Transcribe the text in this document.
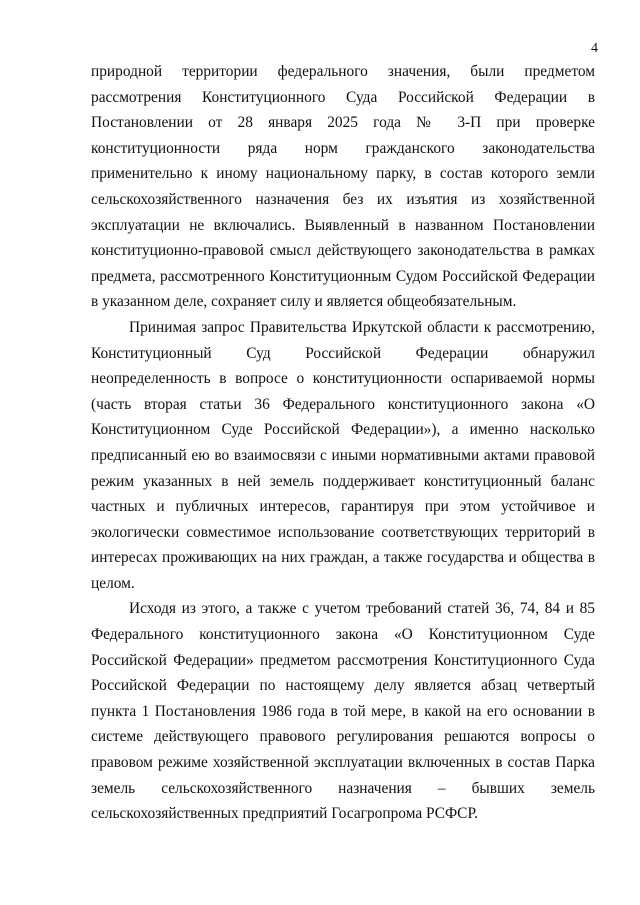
4
природной территории федерального значения, были предметом
рассмотрения Конституционного Суда Российской Федерации в
Постановлении от 28 января 2025 года № 3-П при проверке
конституционности ряда норм гражданского законодательства
применительно к иному национальному парку, в состав которого земли
сельскохозяйственного назначения без их изъятия из хозяйственной
эксплуатации не включались. Выявленный в названном Постановлении
конституционно-правовой смысл действующего законодательства в рамках
предмета, рассмотренного Конституционным Судом Российской Федерации
в указанном деле, сохраняет силу и является общеобязательным.
Принимая запрос Правительства Иркутской области к рассмотрению,
Конституционный Суд Российской Федерации обнаружил
неопределенность в вопросе о конституционности оспариваемой нормы
(часть вторая статьи 36 Федерального конституционного закона «О
Конституционном Суде Российской Федерации»), а именно насколько
предписанный ею во взаимосвязи с иными нормативными актами правовой
режим указанных в ней земель поддерживает конституционный баланс
частных и публичных интересов, гарантируя при этом устойчивое и
экологически совместимое использование соответствующих территорий в
интересах проживающих на них граждан, а также государства и общества в
целом.
Исходя из этого, а также с учетом требований статей 36, 74, 84 и 85
Федерального конституционного закона «О Конституционном Суде
Российской Федерации» предметом рассмотрения Конституционного Суда
Российской Федерации по настоящему делу является абзац четвертый
пункта 1 Постановления 1986 года в той мере, в какой на его основании в
системе действующего правового регулирования решаются вопросы о
правовом режиме хозяйственной эксплуатации включенных в состав Парка
земель сельскохозяйственного назначения – бывших земель
сельскохозяйственных предприятий Госагропрома РСФСР.
